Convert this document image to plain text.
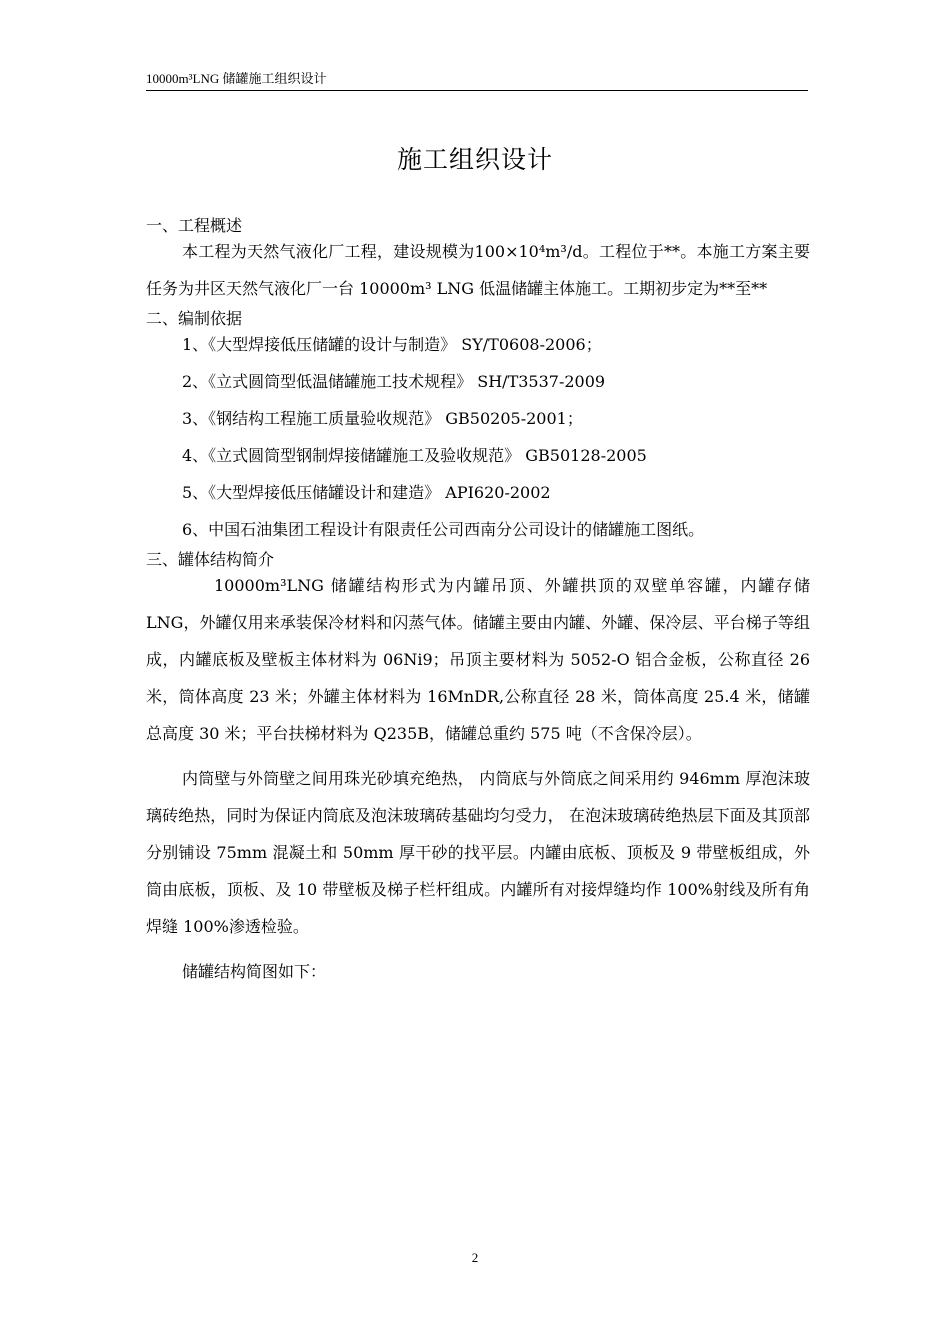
10000m³LNG 储罐施工组织设计
施工组织设计

一、工程概述

本工程为天然气液化厂工程，建设规模为100×10⁴m³/d。工程位于**。本施工方案主要任务为井区天然气液化厂一台 10000m³ LNG 低温储罐主体施工。工期初步定为**至**

二、编制依据

1、《大型焊接低压储罐的设计与制造》 SY/T0608-2006；
2、《立式圆筒型低温储罐施工技术规程》 SH/T3537-2009
3、《钢结构工程施工质量验收规范》 GB50205-2001；
4、《立式圆筒型钢制焊接储罐施工及验收规范》 GB50128-2005
5、《大型焊接低压储罐设计和建造》 API620-2002
6、中国石油集团工程设计有限责任公司西南分公司设计的储罐施工图纸。

三、罐体结构简介

10000m³LNG 储罐结构形式为内罐吊顶、外罐拱顶的双壁单容罐，内罐存储 LNG，外罐仅用来承装保冷材料和闪蒸气体。储罐主要由内罐、外罐、保冷层、平台梯子等组成，内罐底板及壁板主体材料为 06Ni9；吊顶主要材料为 5052-O 铝合金板，公称直径 26 米，筒体高度 23 米；外罐主体材料为 16MnDR,公称直径 28 米，筒体高度 25.4 米，储罐总高度 30 米；平台扶梯材料为 Q235B，储罐总重约 575 吨（不含保冷层）。

内筒壁与外筒壁之间用珠光砂填充绝热， 内筒底与外筒底之间采用约 946mm 厚泡沫玻璃砖绝热，同时为保证内筒底及泡沫玻璃砖基础均匀受力， 在泡沫玻璃砖绝热层下面及其顶部分别铺设 75mm 混凝土和 50mm 厚干砂的找平层。内罐由底板、顶板及 9 带壁板组成，外筒由底板，顶板、及 10 带壁板及梯子栏杆组成。内罐所有对接焊缝均作 100%射线及所有角焊缝 100%渗透检验。

储罐结构简图如下：

2
